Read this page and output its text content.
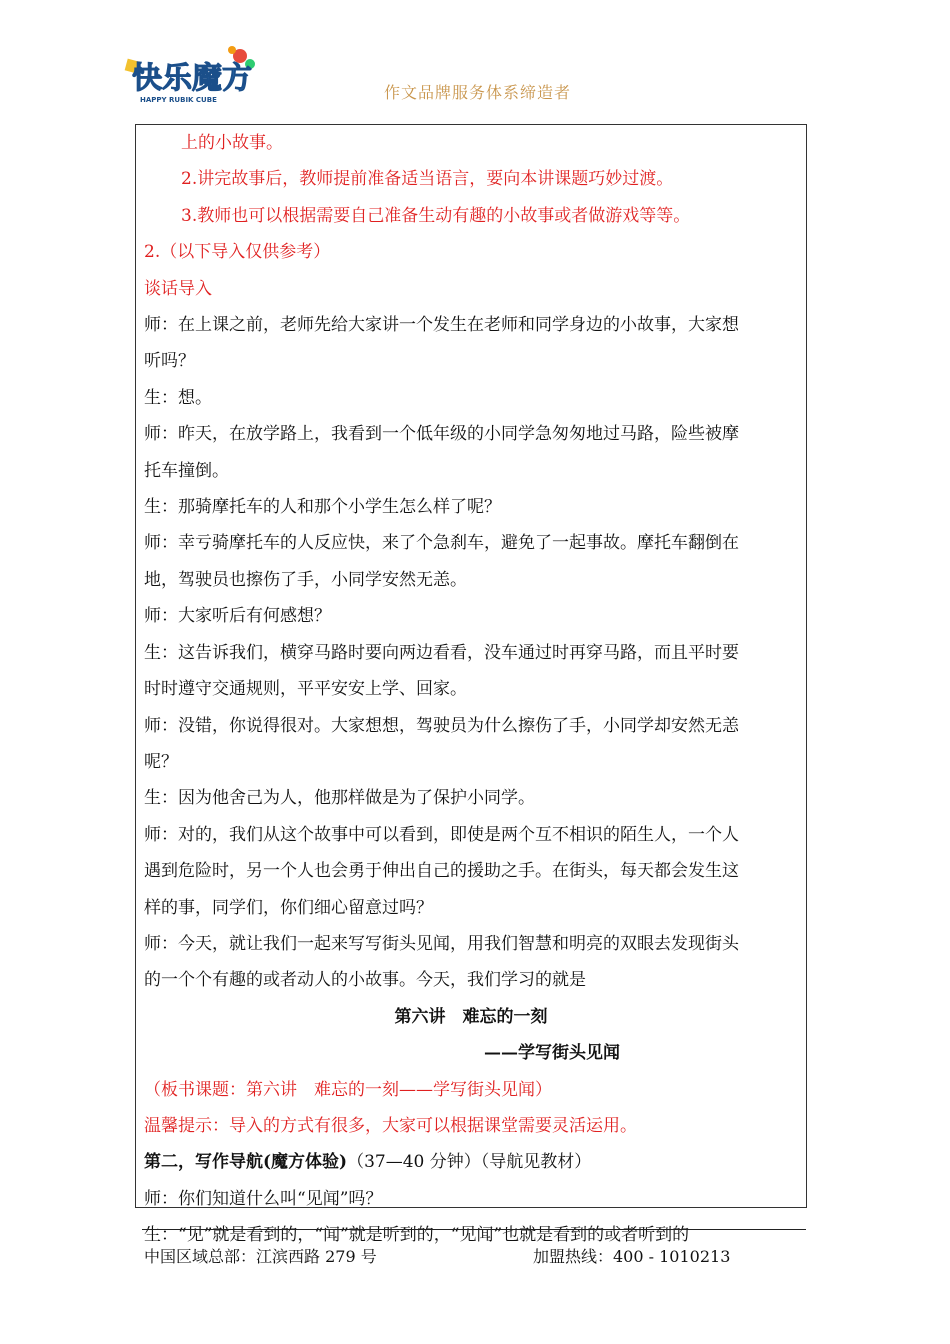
快乐魔方
HAPPY RUBIK CUBE	作文品牌服务体系缔造者
上的小故事。
2.讲完故事后，教师提前准备适当语言，要向本讲课题巧妙过渡。
3.教师也可以根据需要自己准备生动有趣的小故事或者做游戏等等。
2.（以下导入仅供参考）
谈话导入
师：在上课之前，老师先给大家讲一个发生在老师和同学身边的小故事，大家想
听吗？
生：想。
师：昨天，在放学路上，我看到一个低年级的小同学急匆匆地过马路，险些被摩
托车撞倒。
生：那骑摩托车的人和那个小学生怎么样了呢？
师：幸亏骑摩托车的人反应快，来了个急刹车，避免了一起事故。摩托车翻倒在
地，驾驶员也擦伤了手，小同学安然无恙。
师：大家听后有何感想？
生：这告诉我们，横穿马路时要向两边看看，没车通过时再穿马路，而且平时要
时时遵守交通规则，平平安安上学、回家。
师：没错，你说得很对。大家想想，驾驶员为什么擦伤了手，小同学却安然无恙
呢？
生：因为他舍己为人，他那样做是为了保护小同学。
师：对的，我们从这个故事中可以看到，即使是两个互不相识的陌生人，一个人
遇到危险时，另一个人也会勇于伸出自己的援助之手。在街头，每天都会发生这
样的事，同学们，你们细心留意过吗？
师：今天，就让我们一起来写写街头见闻，用我们智慧和明亮的双眼去发现街头
的一个个有趣的或者动人的小故事。今天，我们学习的就是
第六讲　难忘的一刻
——学写街头见闻
（板书课题：第六讲　难忘的一刻——学写街头见闻）
温馨提示：导入的方式有很多，大家可以根据课堂需要灵活运用。
第二，写作导航(魔方体验)（37—40 分钟）（导航见教材）
师：你们知道什么叫“见闻”吗？
生：“见”就是看到的，“闻”就是听到的，“见闻”也就是看到的或者听到的
中国区域总部：江滨西路 279 号	加盟热线：400 - 1010213
